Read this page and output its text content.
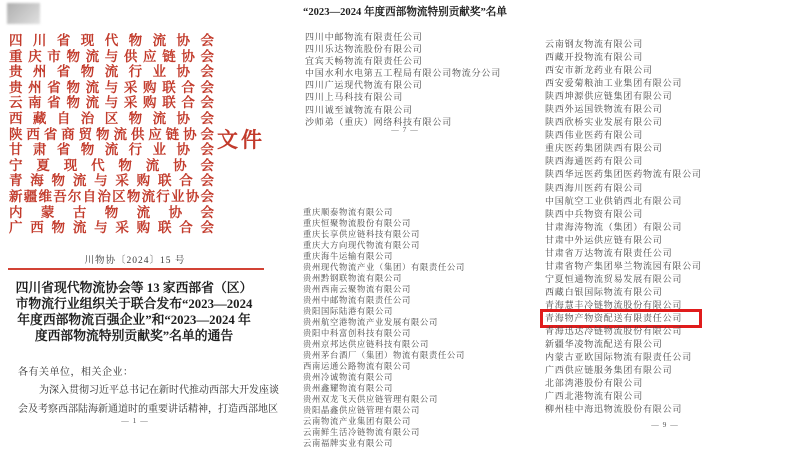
四川省现代物流协会
重庆市物流与供应链协会
贵州省物流行业协会
贵州省物流与采购联合会
云南省物流与采购联合会
西藏自治区物流协会
陕西省商贸物流供应链协会
甘肃省物流行业协会
宁夏现代物流协会
青海物流与采购联合会
新疆维吾尔自治区物流行业协会
内蒙古物流协会
广西物流与采购联合会
文件
川物协〔2024〕15 号
四川省现代物流协会等 13 家西部省（区）
市物流行业组织关于联合发布“2023—2024
年度西部物流百强企业”和“2023—2024 年
度西部物流特别贡献奖”名单的通告
各有关单位，相关企业：
为深入贯彻习近平总书记在新时代推动西部大开发座谈
会及考察西部陆海新通道时的重要讲话精神，打造西部地区
— 1 —
“2023—2024 年度西部物流特别贡献奖”名单
四川中邮物流有限责任公司
四川乐达物流股份有限公司
宜宾天畅物流有限责任公司
中国水利水电第五工程局有限公司物流分公司
四川广运现代物流有限公司
四川上马科技有限公司
四川诚至诚物流有限公司
沙师弟（重庆）网络科技有限公司
— 7 —
重庆顺泰物流有限公司
重庆恒聚物流股份有限公司
重庆长享供应链科技有限公司
重庆大方向现代物流有限公司
重庆海牛运输有限公司
贵州现代物流产业（集团）有限责任公司
贵州黔钢联物流有限公司
贵州西南云聚物流有限公司
贵州中邮物流有限责任公司
贵阳国际陆港有限公司
贵州航空港物流产业发展有限公司
贵阳中科富创科技有限公司
贵州京邦达供应链科技有限公司
贵州茅台酒厂（集团）物流有限责任公司
西南运通公路物流有限公司
贵州冷诚物流有限公司
贵州鑫耀物流有限公司
贵州双龙飞天供应链管理有限公司
贵阳晶鑫供应链管理有限公司
云南物流产业集团有限公司
云南鲜生活冷链物流有限公司
云南福牌实业有限公司
云南钢友物流有限公司
西藏开投物流有限公司
西安市新龙药业有限公司
西安爱菊粮油工业集团有限公司
陕西坤源供应链集团有限公司
陕西外运国铁物流有限公司
陕西欣桥实业发展有限公司
陕西伟业医药有限公司
重庆医药集团陕西有限公司
陕西海通医药有限公司
陕西华远医药集团医药物流有限公司
陕西海川医药有限公司
中国航空工业供销西北有限公司
陕西中兵物资有限公司
甘肃海涛物流（集团）有限公司
甘肃中外运供应链有限公司
甘肃省万达物流有限责任公司
甘肃省物产集团皋兰物流园有限公司
宁夏恒通物流贸易发展有限公司
西藏白银国际物流有限公司
青海慧丰冷链物流股份有限公司
青海物产物资配送有限责任公司
青海迅达冷链物流股份有限公司
新疆华凌物流配送有限公司
内蒙古亚欧国际物流有限责任公司
广西供应链服务集团有限公司
北部湾港股份有限公司
广西北港物流有限公司
柳州桂中海迅物流股份有限公司
— 9 —
